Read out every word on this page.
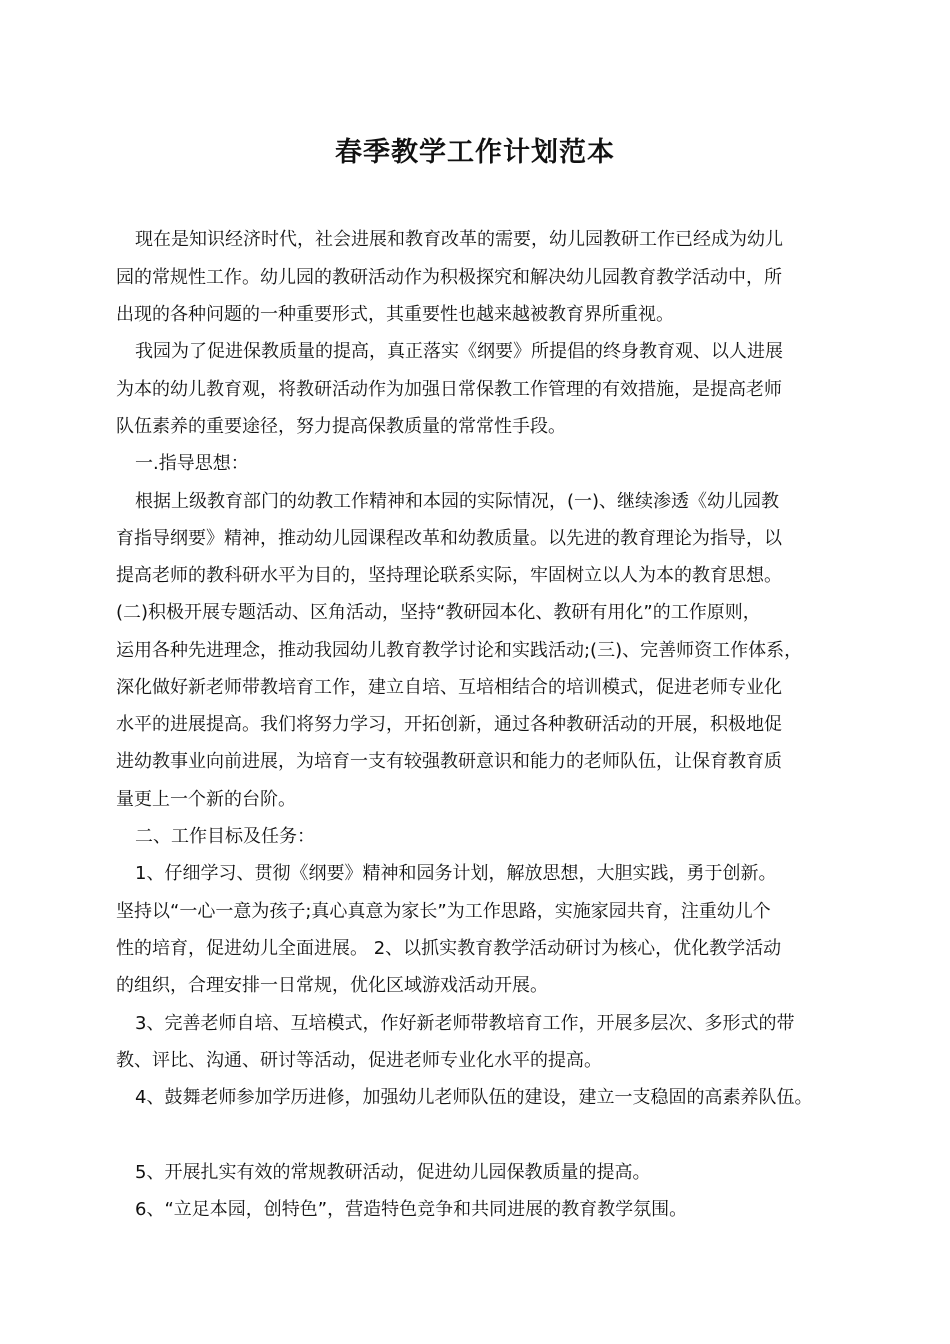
春季教学工作计划范本
现在是知识经济时代，社会进展和教育改革的需要，幼儿园教研工作已经成为幼儿
园的常规性工作。幼儿园的教研活动作为积极探究和解决幼儿园教育教学活动中，所
出现的各种问题的一种重要形式，其重要性也越来越被教育界所重视。
我园为了促进保教质量的提高，真正落实《纲要》所提倡的终身教育观、以人进展
为本的幼儿教育观，将教研活动作为加强日常保教工作管理的有效措施，是提高老师
队伍素养的重要途径，努力提高保教质量的常常性手段。
一.指导思想：
根据上级教育部门的幼教工作精神和本园的实际情况，(一)、继续渗透《幼儿园教
育指导纲要》精神，推动幼儿园课程改革和幼教质量。以先进的教育理论为指导，以
提高老师的教科研水平为目的，坚持理论联系实际，牢固树立以人为本的教育思想。
(二)积极开展专题活动、区角活动，坚持“教研园本化、教研有用化”的工作原则，
运用各种先进理念，推动我园幼儿教育教学讨论和实践活动;(三)、完善师资工作体系，
深化做好新老师带教培育工作，建立自培、互培相结合的培训模式，促进老师专业化
水平的进展提高。我们将努力学习，开拓创新，通过各种教研活动的开展，积极地促
进幼教事业向前进展，为培育一支有较强教研意识和能力的老师队伍，让保育教育质
量更上一个新的台阶。
二、工作目标及任务：
1、仔细学习、贯彻《纲要》精神和园务计划，解放思想，大胆实践，勇于创新。
坚持以“一心一意为孩子;真心真意为家长”为工作思路，实施家园共育，注重幼儿个
性的培育，促进幼儿全面进展。 2、以抓实教育教学活动研讨为核心，优化教学活动
的组织，合理安排一日常规，优化区域游戏活动开展。
3、完善老师自培、互培模式，作好新老师带教培育工作，开展多层次、多形式的带
教、评比、沟通、研讨等活动，促进老师专业化水平的提高。
4、鼓舞老师参加学历进修，加强幼儿老师队伍的建设，建立一支稳固的高素养队伍。
5、开展扎实有效的常规教研活动，促进幼儿园保教质量的提高。
6、“立足本园，创特色”，营造特色竞争和共同进展的教育教学氛围。
